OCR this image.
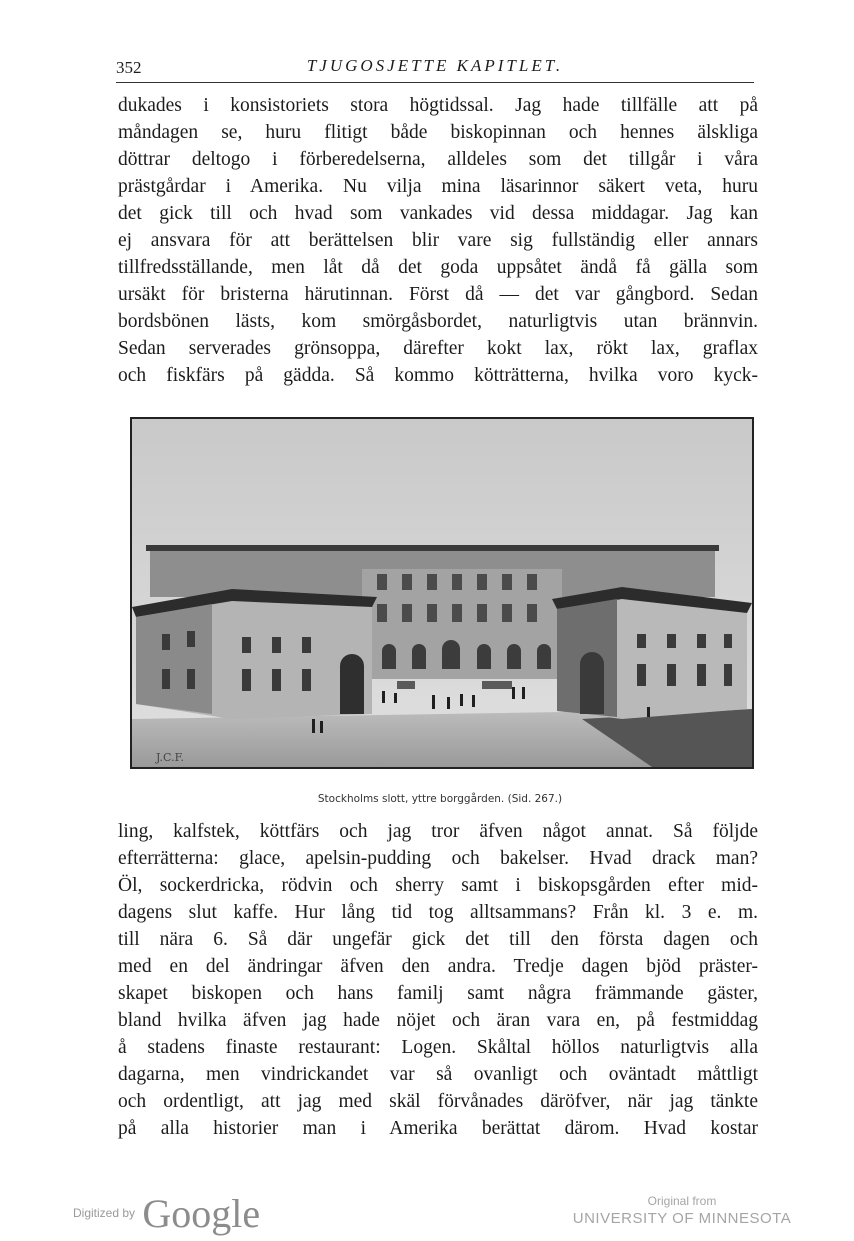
352	TJUGOSJETTE KAPITLET.
dukades i konsistoriets stora högtidssal. Jag hade tillfälle att på
måndagen se, huru flitigt både biskopinnan och hennes älskliga
döttrar deltogo i förberedelserna, alldeles som det tillgår i våra
prästgårdar i Amerika. Nu vilja mina läsarinnor säkert veta, huru
det gick till och hvad som vankades vid dessa middagar. Jag kan
ej ansvara för att berättelsen blir vare sig fullständig eller annars
tillfredsställande, men låt då det goda uppsåtet ändå få gälla som
ursäkt för bristerna härutinnan. Först då — det var gångbord. Sedan
bordsbönen lästs, kom smörgåsbordet, naturligtvis utan brännvin.
Sedan serverades grönsoppa, därefter kokt lax, rökt lax, graflax
och fiskfärs på gädda. Så kommo kötträtterna, hvilka voro kyck-
J.C.F.
Stockholms slott, yttre borggården. (Sid. 267.)
ling, kalfstek, köttfärs och jag tror äfven något annat. Så följde
efterrätterna: glace, apelsin-pudding och bakelser. Hvad drack man?
Öl, sockerdricka, rödvin och sherry samt i biskopsgården efter mid-
dagens slut kaffe. Hur lång tid tog alltsammans? Från kl. 3 e. m.
till nära 6. Så där ungefär gick det till den första dagen och
med en del ändringar äfven den andra. Tredje dagen bjöd präster-
skapet biskopen och hans familj samt några främmande gäster,
bland hvilka äfven jag hade nöjet och äran vara en, på festmiddag
å stadens finaste restaurant: Logen. Skåltal höllos naturligtvis alla
dagarna, men vindrickandet var så ovanligt och oväntadt måttligt
och ordentligt, att jag med skäl förvånades däröfver, när jag tänkte
på alla historier man i Amerika berättat därom. Hvad kostar
Digitized by Google	Original from
UNIVERSITY OF MINNESOTA
